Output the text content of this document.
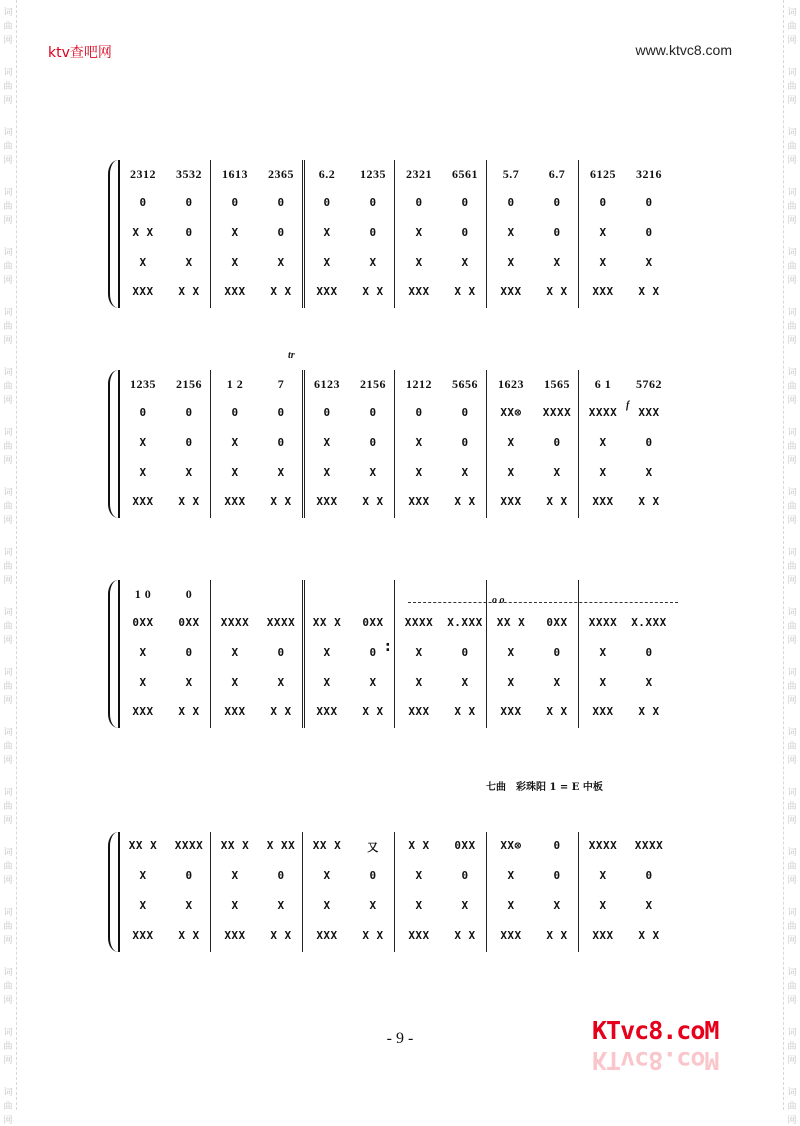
词
曲
网
词
曲
网
词
曲
网
词
曲
网
词
曲
网
词
曲
网
词
曲
网
词
曲
网
词
曲
网
词
曲
网
词
曲
网
词
曲
网
词
曲
网
词
曲
网
词
曲
网
词
曲
网
词
曲
网
词
曲
网
词
曲
网
词
曲
网
词
曲
网
词
曲
网
词
曲
网
词
曲
网
词
曲
网
词
曲
网
词
曲
网
词
曲
网
词
曲
网
词
曲
网
词
曲
网
词
曲
网
词
曲
网
词
曲
网
词
曲
网
词
曲
网
词
曲
网
词
曲
网
ktv查吧网	www.ktvc8.com
2312	3532	1613	2365	6.2	1235	2321	6561	5.7	6.7	6125	3216
0	0	0	0	0	0	0	0	0	0	0	0
X X	0	X	0	X	0	X	0	X	0	X	0
X	X	X	X	X	X	X	X	X	X	X	X
XXX	X X	XXX	X X	XXX	X X	XXX	X X	XXX	X X	XXX	X X
tr
f
1235	2156	1 2	7	6123	2156	1212	5656	1623	1565	6 1	5762
0	0	0	0	0	0	0	0	XX⊗	XXXX	XXXX	XXX
X	0	X	0	X	0	X	0	X	0	X	0
X	X	X	X	X	X	X	X	X	X	X	X
XXX	X X	XXX	X X	XXX	X X	XXX	X X	XXX	X X	XXX	X X
o o
:
1 0	0
0XX	0XX	XXXX	XXXX	XX X	0XX	XXXX	X.XXX	XX X	0XX	XXXX	X.XXX
X	0	X	0	X	0	X	0	X	0	X	0
X	X	X	X	X	X	X	X	X	X	X	X
XXX	X X	XXX	X X	XXX	X X	XXX	X X	XXX	X X	XXX	X X
XX X	XXXX	XX X	X XX	XX X	又	X X	0XX	XX⊗	0	XXXX	XXXX
X	0	X	0	X	0	X	0	X	0	X	0
X	X	X	X	X	X	X	X	X	X	X	X
XXX	X X	XXX	X X	XXX	X X	XXX	X X	XXX	X X	XXX	X X
七曲　彩珠阳 1 = E 中板
- 9 -	KTvc8.coM
KTvc8.coM
